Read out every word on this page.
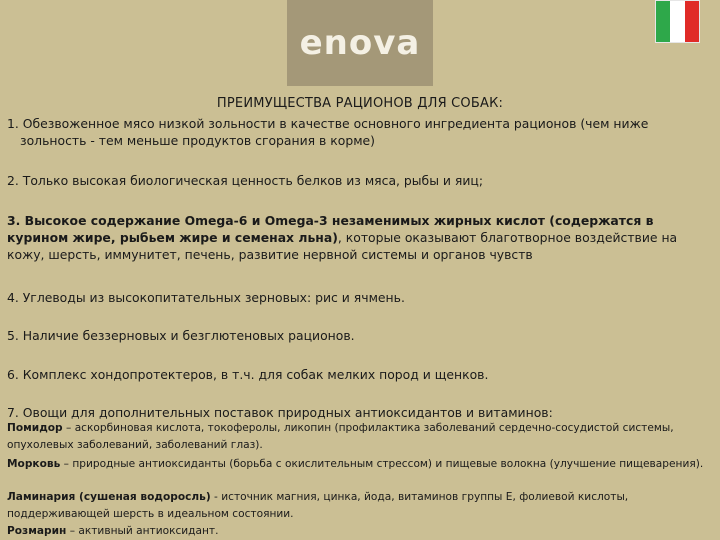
enova
ПРЕИМУЩЕСТВА РАЦИОНОВ ДЛЯ СОБАК:
1. Обезвоженное мясо низкой зольности в качестве основного ингредиента рационов (чем ниже
зольность - тем меньше продуктов сгорания в корме)
2. Только высокая биологическая ценность белков из мяса, рыбы и яиц;
3. Высокое содержание Omega-6 и Omega-3 незаменимых жирных кислот (содержатся в курином жире, рыбьем жире и семенах льна), которые оказывают благотворное воздействие на кожу, шерсть, иммунитет, печень, развитие нервной системы и органов чувств
4. Углеводы из высокопитательных зерновых: рис и ячмень.
5. Наличие беззерновых и безглютеновых рационов.
6. Комплекс хондопротектеров, в т.ч. для собак мелких пород и щенков.
7. Овощи для дополнительных поставок природных антиоксидантов и витаминов:
Помидор – аскорбиновая кислота, токоферолы, ликопин (профилактика заболеваний сердечно-сосудистой системы, опухолевых заболеваний, заболеваний глаз).
Морковь – природные антиоксиданты (борьба с окислительным стрессом) и пищевые волокна (улучшение пищеварения).
Ламинария (сушеная водоросль) - источник магния, цинка, йода, витаминов группы Е, фолиевой кислоты, поддерживающей шерсть в идеальном состоянии.
Розмарин – активный антиоксидант.
